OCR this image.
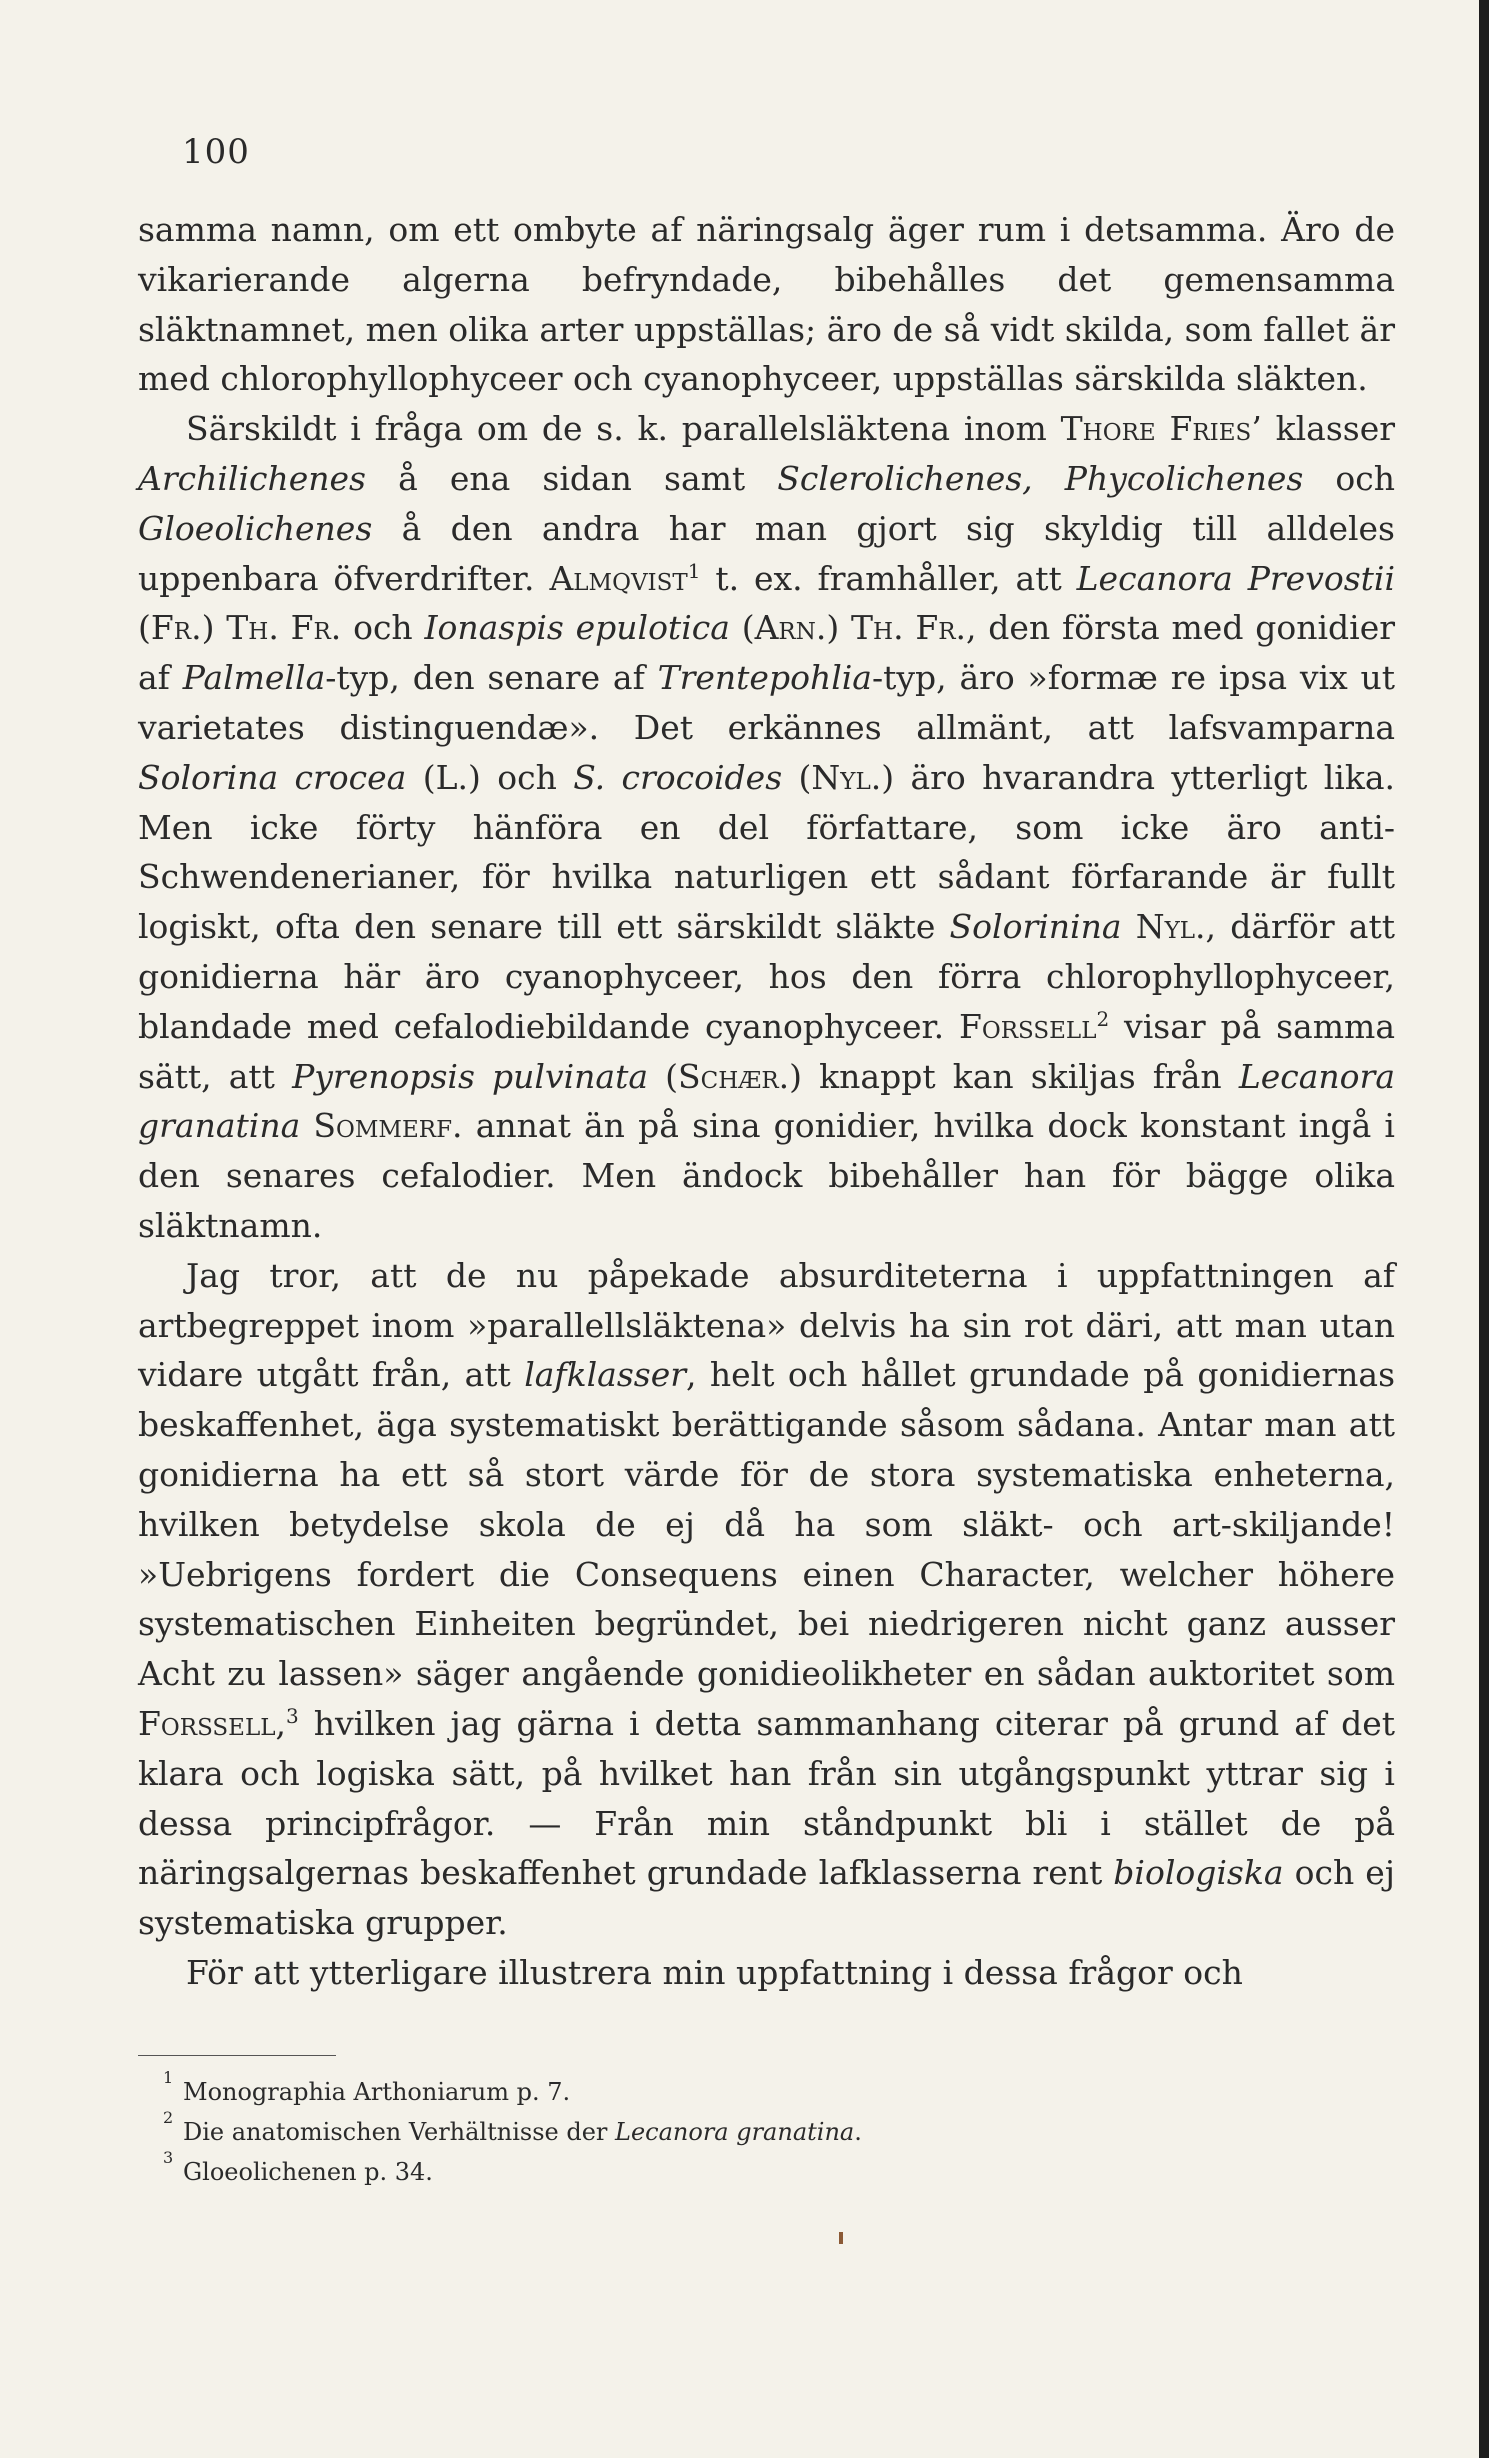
100

samma namn, om ett ombyte af näringsalg äger rum i detsamma. Äro de vikarierande algerna befryndade, bibehålles det gemensamma släktnamnet, men olika arter uppställas; äro de så vidt skilda, som fallet är med chlorophyllophyceer och cyanophyceer, uppställas särskilda släkten.

Särskildt i fråga om de s. k. parallelsläktena inom Thore Fries’ klasser Archilichenes å ena sidan samt Sclerolichenes, Phycolichenes och Gloeolichenes å den andra har man gjort sig skyldig till alldeles uppenbara öfverdrifter. Almqvist$^1$ t. ex. framhåller, att Lecanora Prevostii (Fr.) Th. Fr. och Ionaspis epulotica (Arn.) Th. Fr., den första med gonidier af Palmella-typ, den senare af Trentepohlia-typ, äro »formæ re ipsa vix ut varietates distinguendæ». Det erkännes allmänt, att lafsvamparna Solorina crocea (L.) och S. crocoides (Nyl.) äro hvarandra ytterligt lika. Men icke förty hänföra en del författare, som icke äro anti-Schwendenerianer, för hvilka naturligen ett sådant förfarande är fullt logiskt, ofta den senare till ett särskildt släkte Solorinina Nyl., därför att gonidierna här äro cyanophyceer, hos den förra chlorophyllophyceer, blandade med cefalodiebildande cyanophyceer. Forssell$^2$ visar på samma sätt, att Pyrenopsis pulvinata (Schær.) knappt kan skiljas från Lecanora granatina Sommerf. annat än på sina gonidier, hvilka dock konstant ingå i den senares cefalodier. Men ändock bibehåller han för bägge olika släktnamn.

Jag tror, att de nu påpekade absurditeterna i uppfattningen af artbegreppet inom »parallellsläktena» delvis ha sin rot däri, att man utan vidare utgått från, att lafklasser, helt och hållet grundade på gonidiernas beskaffenhet, äga systematiskt berättigande såsom sådana. Antar man att gonidierna ha ett så stort värde för de stora systematiska enheterna, hvilken betydelse skola de ej då ha som släkt- och art-skiljande! »Uebrigens fordert die Consequens einen Character, welcher höhere systematischen Einheiten begründet, bei niedrigeren nicht ganz ausser Acht zu lassen» säger angående gonidieolikheter en sådan auktoritet som Forssell,$^3$ hvilken jag gärna i detta sammanhang citerar på grund af det klara och logiska sätt, på hvilket han från sin utgångspunkt yttrar sig i dessa principfrågor. — Från min ståndpunkt bli i stället de på näringsalgernas beskaffenhet grundade lafklasserna rent biologiska och ej systematiska grupper.

För att ytterligare illustrera min uppfattning i dessa frågor och

1
Monographia Arthoniarum p. 7.
2
Die anatomischen Verhältnisse der Lecanora granatina.
3
Gloeolichenen p. 34.
